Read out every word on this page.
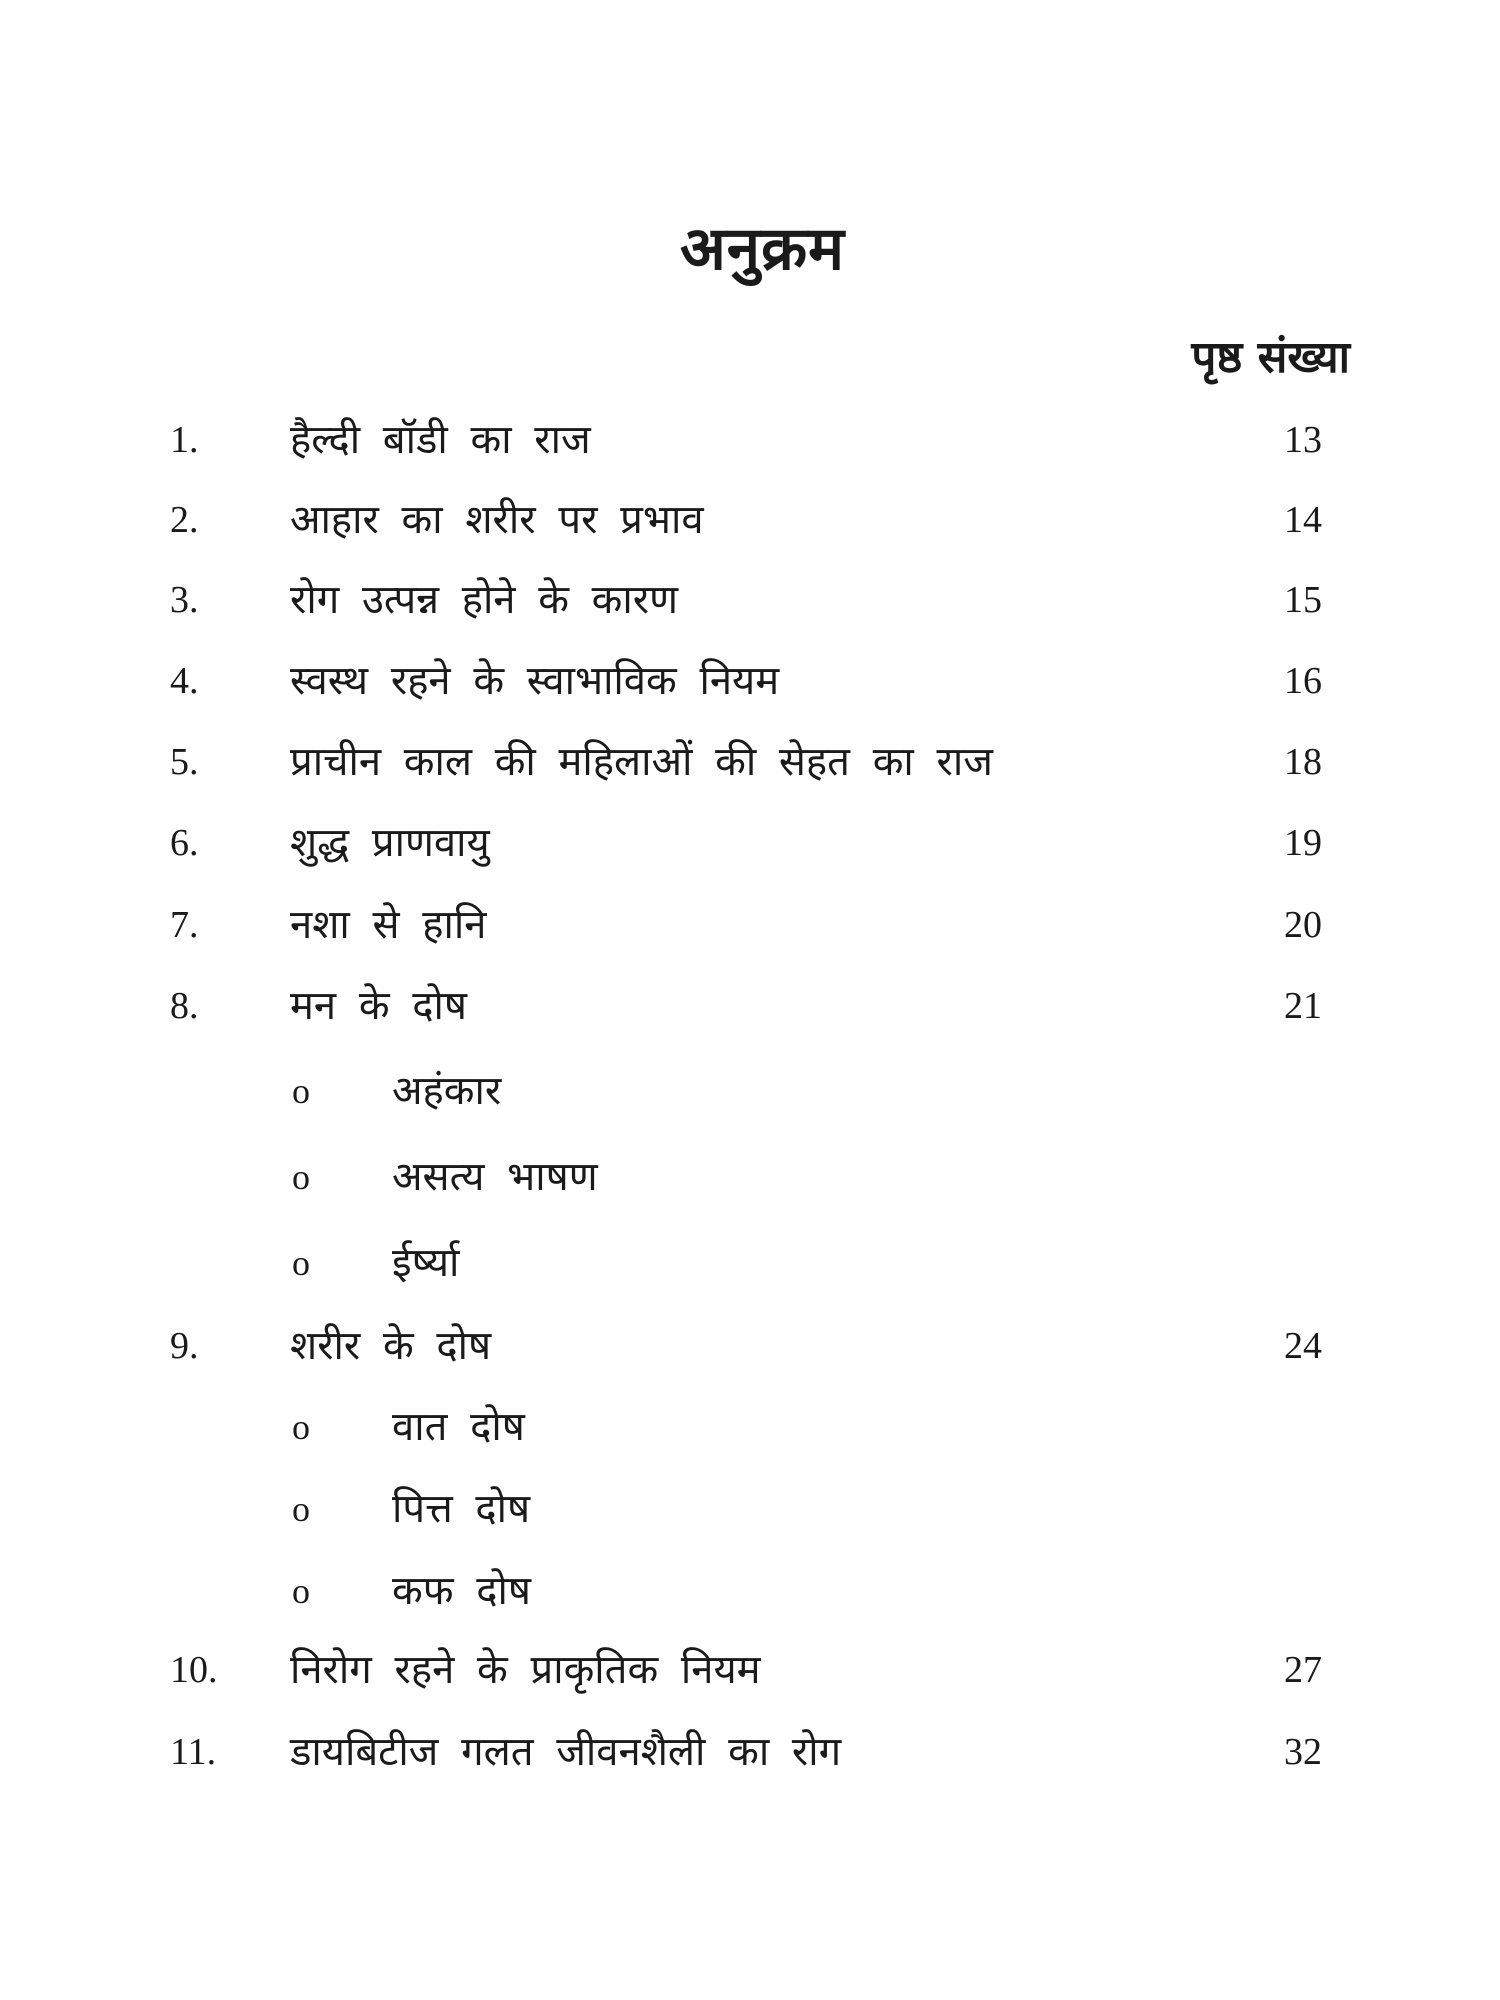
अनुक्रम
पृष्ठ संख्या
1. हैल्दी बॉडी का राज	13
2. आहार का शरीर पर प्रभाव	14
3. रोग उत्पन्न होने के कारण	15
4. स्वस्थ रहने के स्वाभाविक नियम	16
5. प्राचीन काल की महिलाओं की सेहत का राज	18
6. शुद्ध प्राणवायु	19
7. नशा से हानि	20
8. मन के दोष	21
o अहंकार
o असत्य भाषण
o ईर्ष्या
9. शरीर के दोष	24
o वात दोष
o पित्त दोष
o कफ दोष
10. निरोग रहने के प्राकृतिक नियम	27
11. डायबिटीज गलत जीवनशैली का रोग	32
